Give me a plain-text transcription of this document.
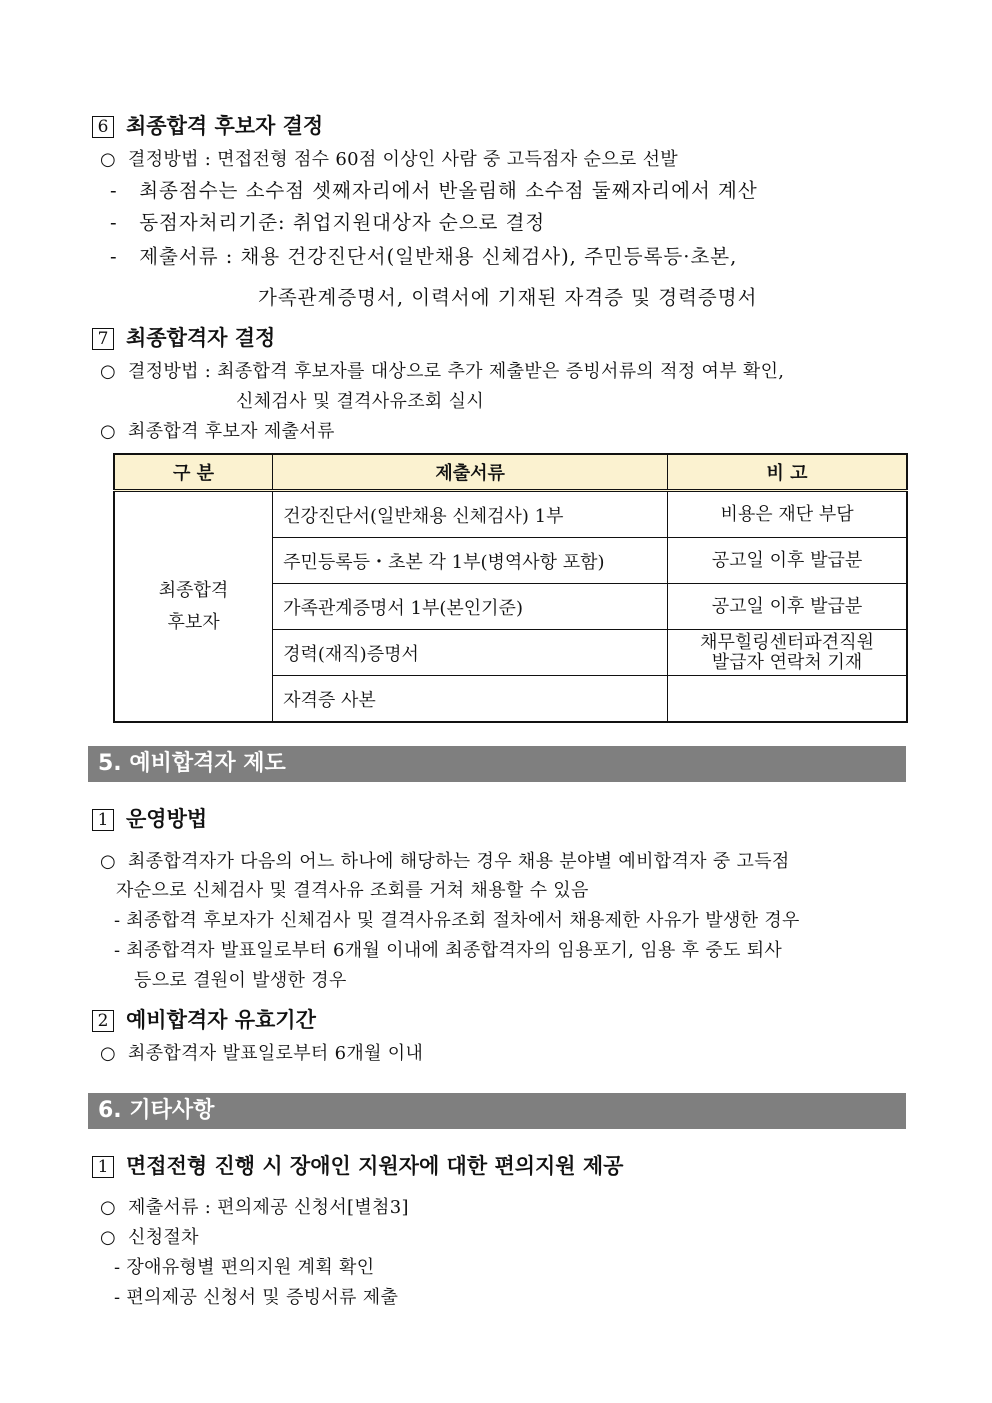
6 최종합격 후보자 결정
○ 결정방법 : 면접전형 점수 60점 이상인 사람 중 고득점자 순으로 선발
- 최종점수는 소수점 셋째자리에서 반올림해 소수점 둘째자리에서 계산
- 동점자처리기준: 취업지원대상자 순으로 결정
- 제출서류 : 채용 건강진단서(일반채용 신체검사), 주민등록등·초본,
가족관계증명서, 이력서에 기재된 자격증 및 경력증명서
7 최종합격자 결정
○ 결정방법 : 최종합격 후보자를 대상으로 추가 제출받은 증빙서류의 적정 여부 확인,
신체검사 및 결격사유조회 실시
○ 최종합격 후보자 제출서류
구 분	제출서류	비 고
최종합격
후보자	건강진단서(일반채용 신체검사) 1부	비용은 재단 부담
	주민등록등・초본 각 1부(병역사항 포함)	공고일 이후 발급분
	가족관계증명서 1부(본인기준)	공고일 이후 발급분
	경력(재직)증명서	채무힐링센터파견직원
발급자 연락처 기재
	자격증 사본	
5. 예비합격자 제도
1 운영방법
○ 최종합격자가 다음의 어느 하나에 해당하는 경우 채용 분야별 예비합격자 중 고득점
자순으로 신체검사 및 결격사유 조회를 거쳐 채용할 수 있음
- 최종합격 후보자가 신체검사 및 결격사유조회 절차에서 채용제한 사유가 발생한 경우
- 최종합격자 발표일로부터 6개월 이내에 최종합격자의 임용포기, 임용 후 중도 퇴사
등으로 결원이 발생한 경우
2 예비합격자 유효기간
○ 최종합격자 발표일로부터 6개월 이내
6. 기타사항
1 면접전형 진행 시 장애인 지원자에 대한 편의지원 제공
○ 제출서류 : 편의제공 신청서[별첨3]
○ 신청절차
- 장애유형별 편의지원 계획 확인
- 편의제공 신청서 및 증빙서류 제출
